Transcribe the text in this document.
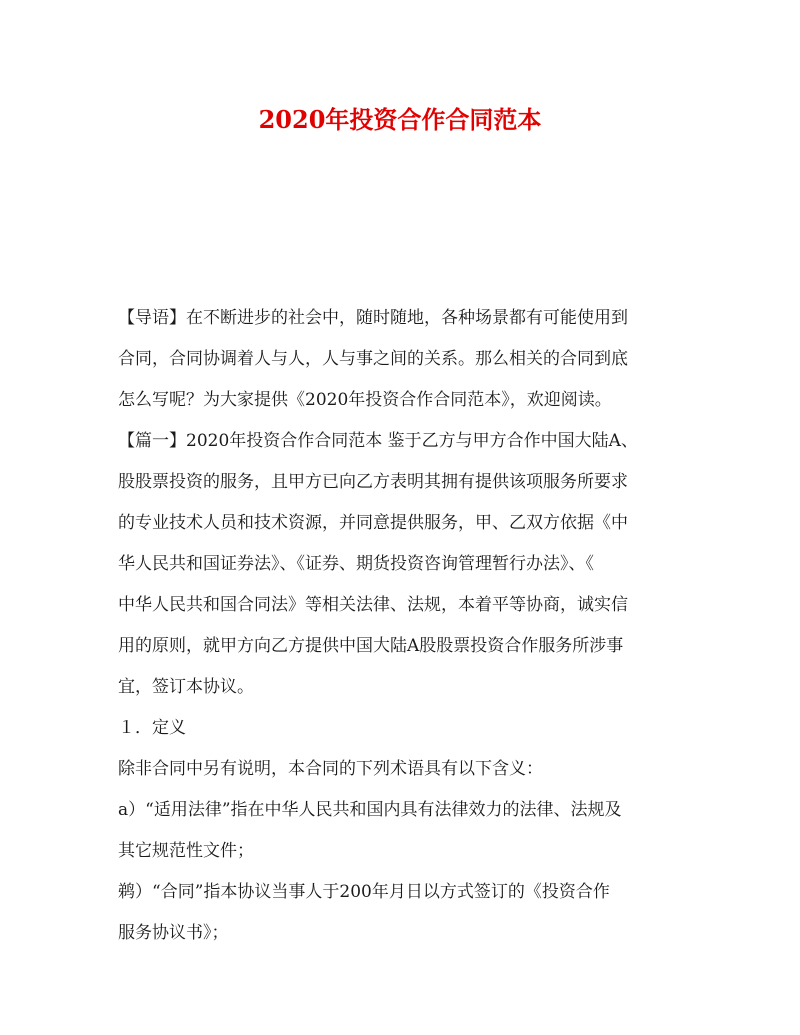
2020年投资合作合同范本
【导语】在不断进步的社会中，随时随地，各种场景都有可能使用到
合同，合同协调着人与人，人与事之间的关系。那么相关的合同到底
怎么写呢？为大家提供《2020年投资合作合同范本》，欢迎阅读。
【篇一】2020年投资合作合同范本 鉴于乙方与甲方合作中国大陆A、
股股票投资的服务，且甲方已向乙方表明其拥有提供该项服务所要求
的专业技术人员和技术资源，并同意提供服务，甲、乙双方依据《中
华人民共和国证券法》、《证券、期货投资咨询管理暂行办法》、《
中华人民共和国合同法》等相关法律、法规，本着平等协商，诚实信
用的原则，就甲方向乙方提供中国大陆A股股票投资合作服务所涉事
宜，签订本协议。
１．定义
除非合同中另有说明，本合同的下列术语具有以下含义：
a）“适用法律”指在中华人民共和国内具有法律效力的法律、法规及
其它规范性文件；
鹈）“合同”指本协议当事人于200年月日以方式签订的《投资合作
服务协议书》；
